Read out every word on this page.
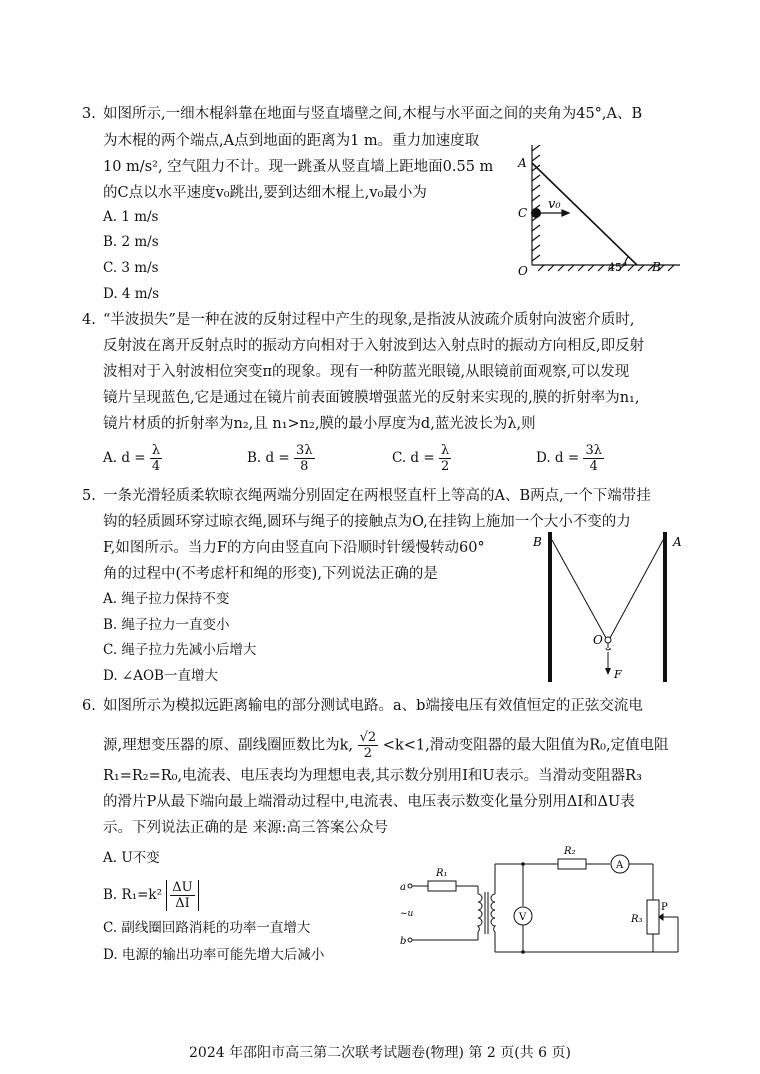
3. 如图所示,一细木棍斜靠在地面与竖直墙壁之间,木棍与水平面之间的夹角为45°,A、B
为木棍的两个端点,A点到地面的距离为1 m。重力加速度取
10 m/s², 空气阻力不计。现一跳蚤从竖直墙上距地面0.55 m
的C点以水平速度v₀跳出,要到达细木棍上,v₀最小为
A. 1 m/s
B. 2 m/s
C. 3 m/s
D. 4 m/s
A
C
O	B
v₀
45°
4. “半波损失”是一种在波的反射过程中产生的现象,是指波从波疏介质射向波密介质时,
反射波在离开反射点时的振动方向相对于入射波到达入射点时的振动方向相反,即反射
波相对于入射波相位突变π的现象。现有一种防蓝光眼镜,从眼镜前面观察,可以发现
镜片呈现蓝色,它是通过在镜片前表面镀膜增强蓝光的反射来实现的,膜的折射率为n₁,
镜片材质的折射率为n₂,且 n₁>n₂,膜的最小厚度为d,蓝光波长为λ,则
A. $d = \frac{\lambda}{4}$	B. $d = \frac{3\lambda}{8}$	C. $d = \frac{\lambda}{2}$	D. $d = \frac{3\lambda}{4}$
5. 一条光滑轻质柔软晾衣绳两端分别固定在两根竖直杆上等高的A、B两点,一个下端带挂
钩的轻质圆环穿过晾衣绳,圆环与绳子的接触点为O,在挂钩上施加一个大小不变的力
F,如图所示。当力F的方向由竖直向下沿顺时针缓慢转动60°
角的过程中(不考虑杆和绳的形变),下列说法正确的是
A. 绳子拉力保持不变
B. 绳子拉力一直变小
C. 绳子拉力先减小后增大
D. ∠AOB一直增大
B	A
O
F
6. 如图所示为模拟远距离输电的部分测试电路。a、b端接电压有效值恒定的正弦交流电
源,理想变压器的原、副线圈匝数比为k, $\frac{√2}{2} <k<1$,滑动变阻器的最大阻值为R₀,定值电阻
R₁=R₂=R₀,电流表、电压表均为理想电表,其示数分别用I和U表示。当滑动变阻器R₃
的滑片P从最下端向最上端滑动过程中,电流表、电压表示数变化量分别用ΔI和ΔU表
示。下列说法正确的是 来源:高三答案公众号
A. U不变
B. $R_1=k^2 \frac{\Delta U}{\Delta I}$
C. 副线圈回路消耗的功率一直增大
D. 电源的输出功率可能先增大后减小
a
b
~u
R₁
R₂
R₃
P
V
A
2024 年邵阳市高三第二次联考试题卷(物理) 第 2 页(共 6 页)
